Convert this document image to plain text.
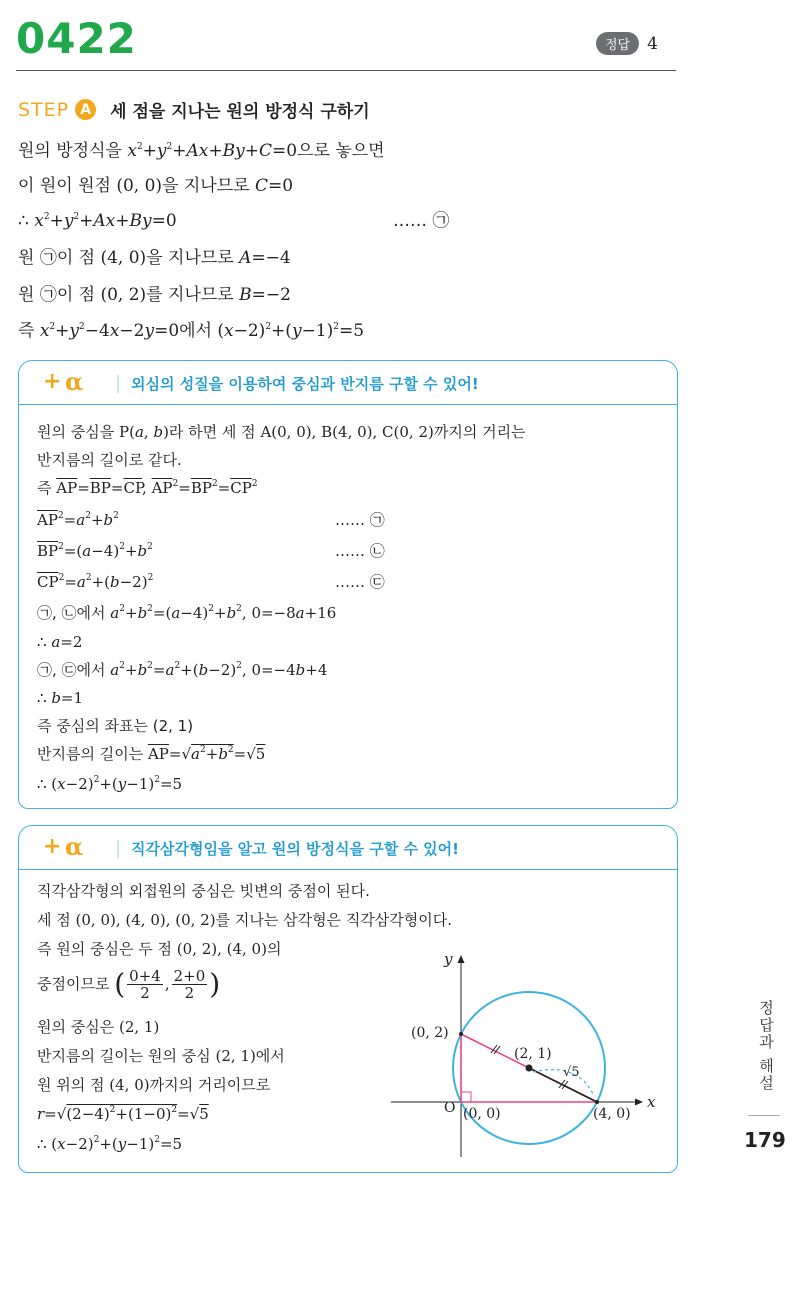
0422	정답	4
STEP A 세 점을 지나는 원의 방정식 구하기
원의 방정식을 $x^2+y^2+Ax+By+C=0$으로 놓으면
이 원이 원점 (0, 0)을 지나므로 C=0
∴ $x^2+y^2+Ax+By=0$	…… ㉠
원 ㉠이 점 (4, 0)을 지나므로 A=−4
원 ㉠이 점 (0, 2)를 지나므로 B=−2
즉 $x^2+y^2-4x-2y=0$에서 $(x-2)^2+(y-1)^2=5$
+ α	외심의 성질을 이용하여 중심과 반지름 구할 수 있어!
원의 중심을 P(a, b)라 하면 세 점 A(0, 0), B(4, 0), C(0, 2)까지의 거리는
반지름의 길이로 같다.
즉 $\overline{AP}=\overline{BP}=\overline{CP}$, $\overline{AP}^2=\overline{BP}^2=\overline{CP}^2$
$\overline{AP}^2=a^2+b^2$	…… ㉠
$\overline{BP}^2=(a-4)^2+b^2$	…… ㉡
$\overline{CP}^2=a^2+(b-2)^2$	…… ㉢
㉠, ㉡에서 $a^2+b^2=(a-4)^2+b^2$, 0=−8a+16
∴ a=2
㉠, ㉢에서 $a^2+b^2=a^2+(b-2)^2$, 0=−4b+4
∴ b=1
즉 중심의 좌표는 (2, 1)
반지름의 길이는 $\overline{AP}=√a^2+b^2=√5$
∴ $(x-2)^2+(y-1)^2=5$
+ α	직각삼각형임을 알고 원의 방정식을 구할 수 있어!
직각삼각형의 외접원의 중심은 빗변의 중점이 된다.
세 점 (0, 0), (4, 0), (0, 2)를 지나는 삼각형은 직각삼각형이다.
즉 원의 중심은 두 점 (0, 2), (4, 0)의
중점이므로 ( $\frac{0+4}{2}$ , $\frac{2+0}{2}$ )
원의 중심은 (2, 1)
반지름의 길이는 원의 중심 (2, 1)에서
원 위의 점 (4, 0)까지의 거리이므로
$r=√(2-4)^2+(1-0)^2=√5$
∴ $(x-2)^2+(y-1)^2=5$
y
x
O
(0, 2)
(0, 0)	(4, 0)
(2, 1)
√5	정답과 해설
179
